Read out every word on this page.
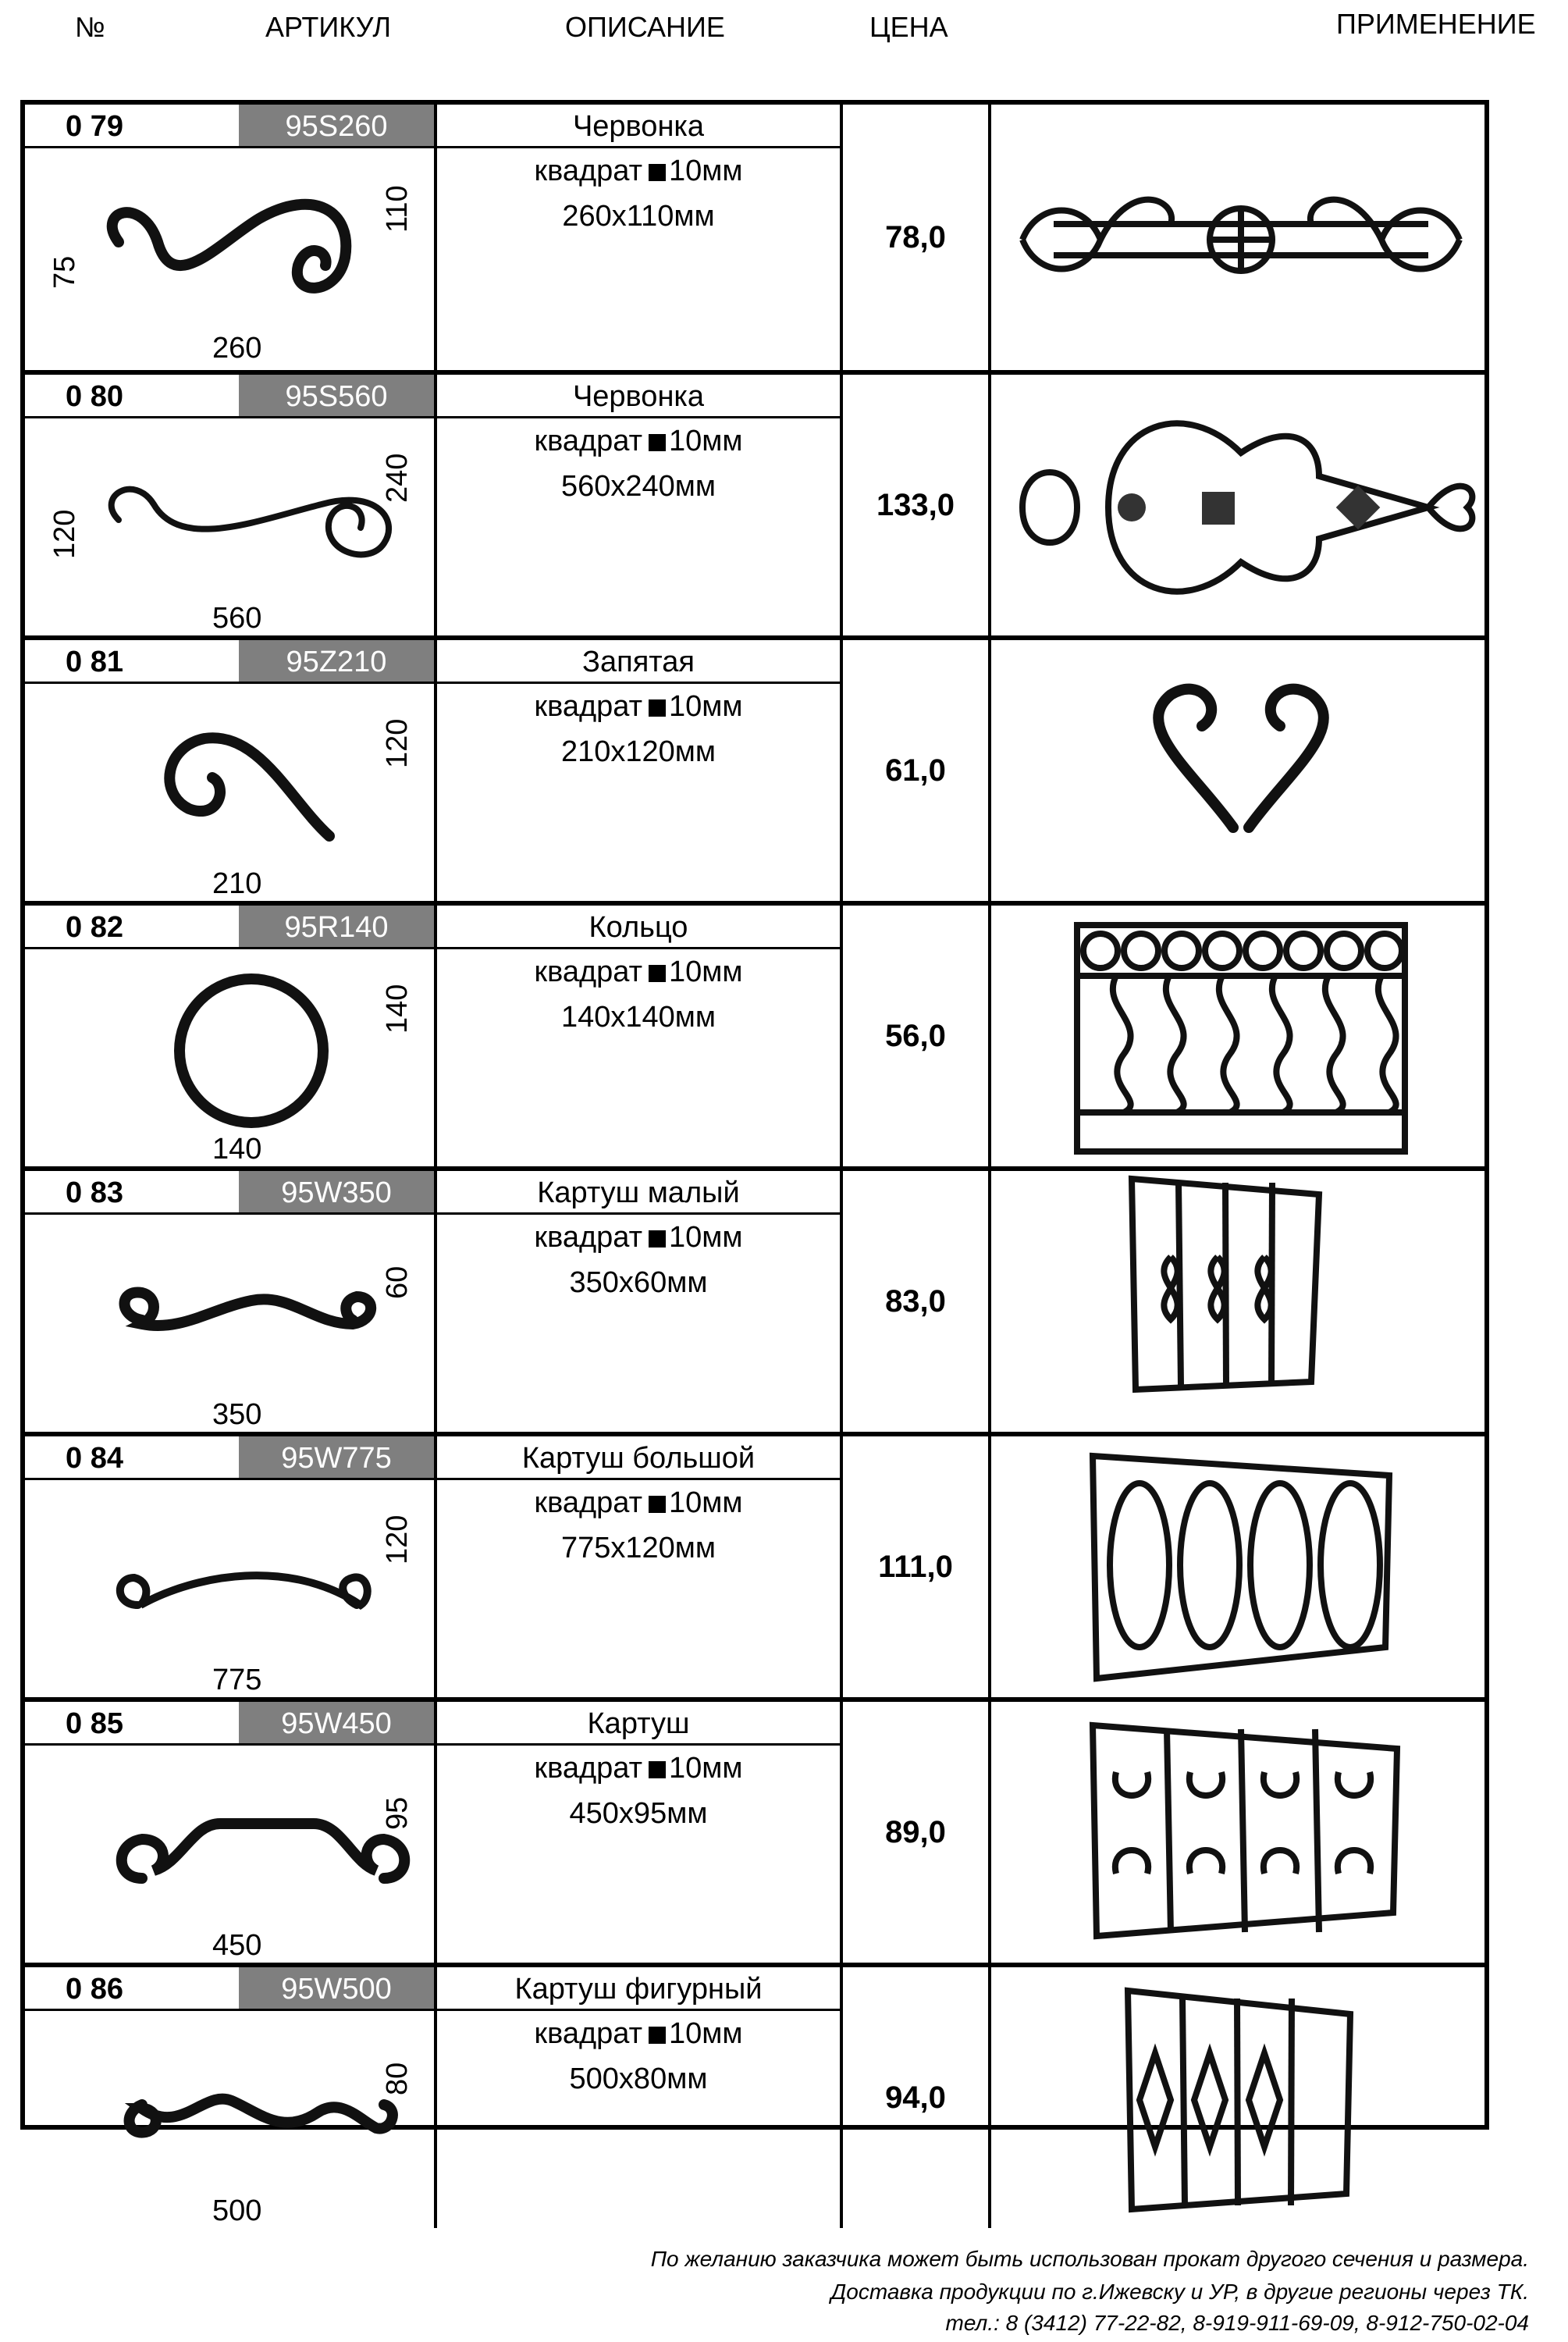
№	АРТИКУЛ	ОПИСАНИЕ	ЦЕНА	ПРИМЕНЕНИЕ
0 79	95S260
260
110
75
Червонка
квадрат 10мм
260х110мм
78,0
0 80	95S560
560
240
120
Червонка
квадрат 10мм
560х240мм
133,0
0 81	95Z210
210
120
Запятая
квадрат 10мм
210х120мм
61,0
0 82	95R140
140
140
Кольцо
квадрат 10мм
140х140мм
56,0
0 83	95W350
350
60
Картуш малый
квадрат 10мм
350х60мм
83,0
0 84	95W775
775
120
Картуш большой
квадрат 10мм
775х120мм
111,0
0 85	95W450
450
95
Картуш
квадрат 10мм
450х95мм
89,0
0 86	95W500
500
80
Картуш фигурный
квадрат 10мм
500х80мм
94,0
По желанию заказчика может быть использован прокат другого сечения и размера.
Доставка продукции по г.Ижевску и УР, в другие регионы через ТК.
тел.: 8 (3412) 77-22-82, 8-919-911-69-09, 8-912-750-02-04
